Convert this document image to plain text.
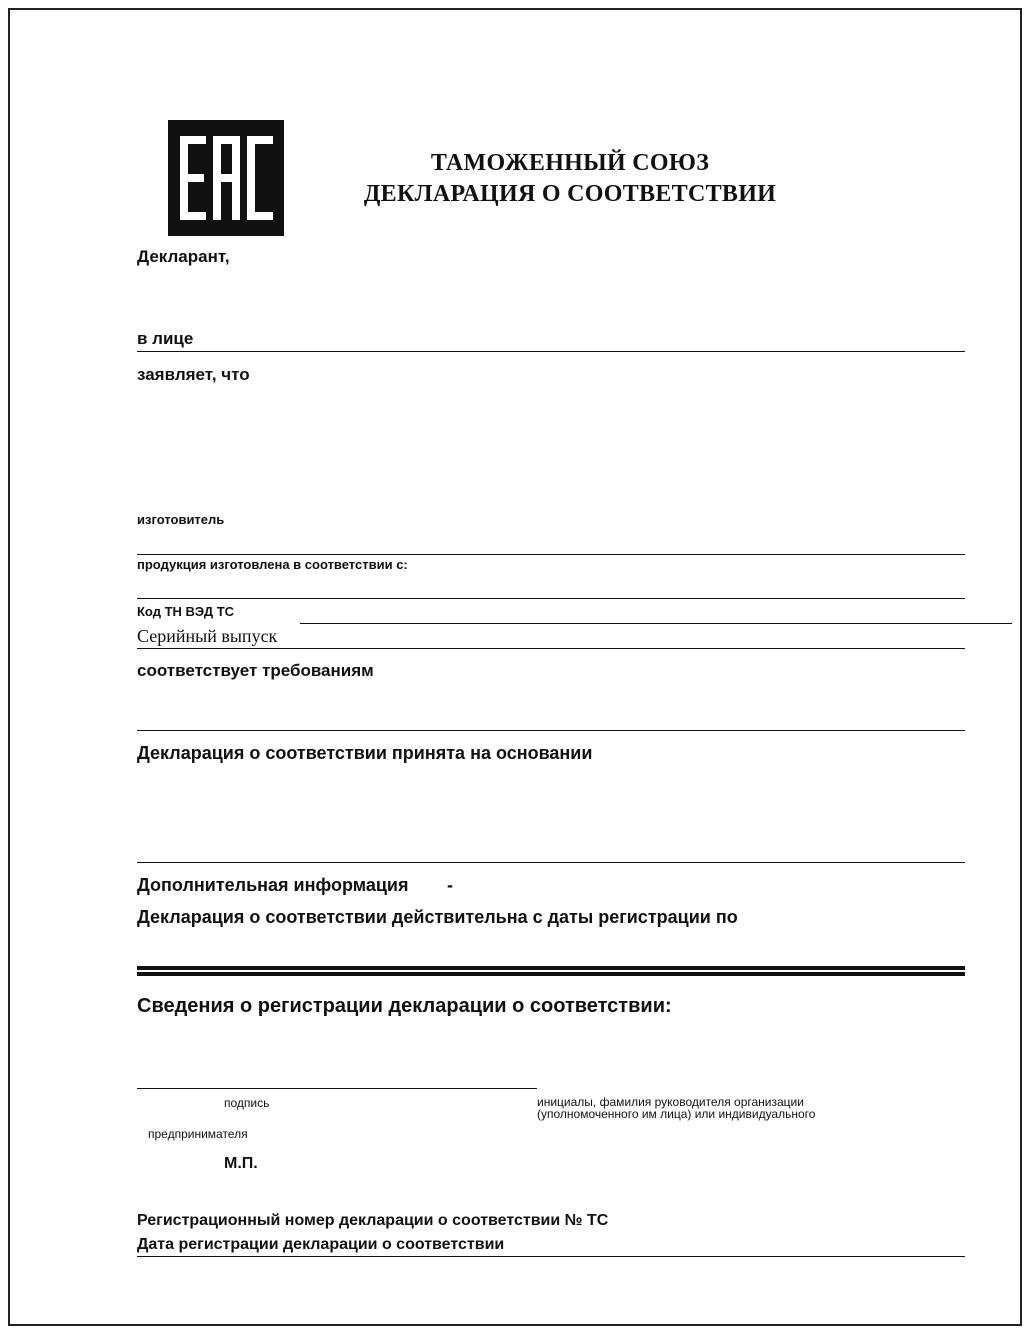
ТАМОЖЕННЫЙ СОЮЗ
ДЕКЛАРАЦИЯ О СООТВЕТСТВИИ
Декларант,
в лице
заявляет, что
изготовитель
продукция изготовлена в соответствии с:
Код ТН ВЭД ТС
Серийный выпуск
соответствует требованиям
Декларация о соответствии принята на основании
Дополнительная информация -
Декларация о соответствии действительна с даты регистрации по
Сведения о регистрации декларации о соответствии:
подпись	инициалы, фамилия руководителя организации
(уполномоченного им лица) или индивидуального
предпринимателя
М.П.
Регистрационный номер декларации о соответствии № ТС
Дата регистрации декларации о соответствии
